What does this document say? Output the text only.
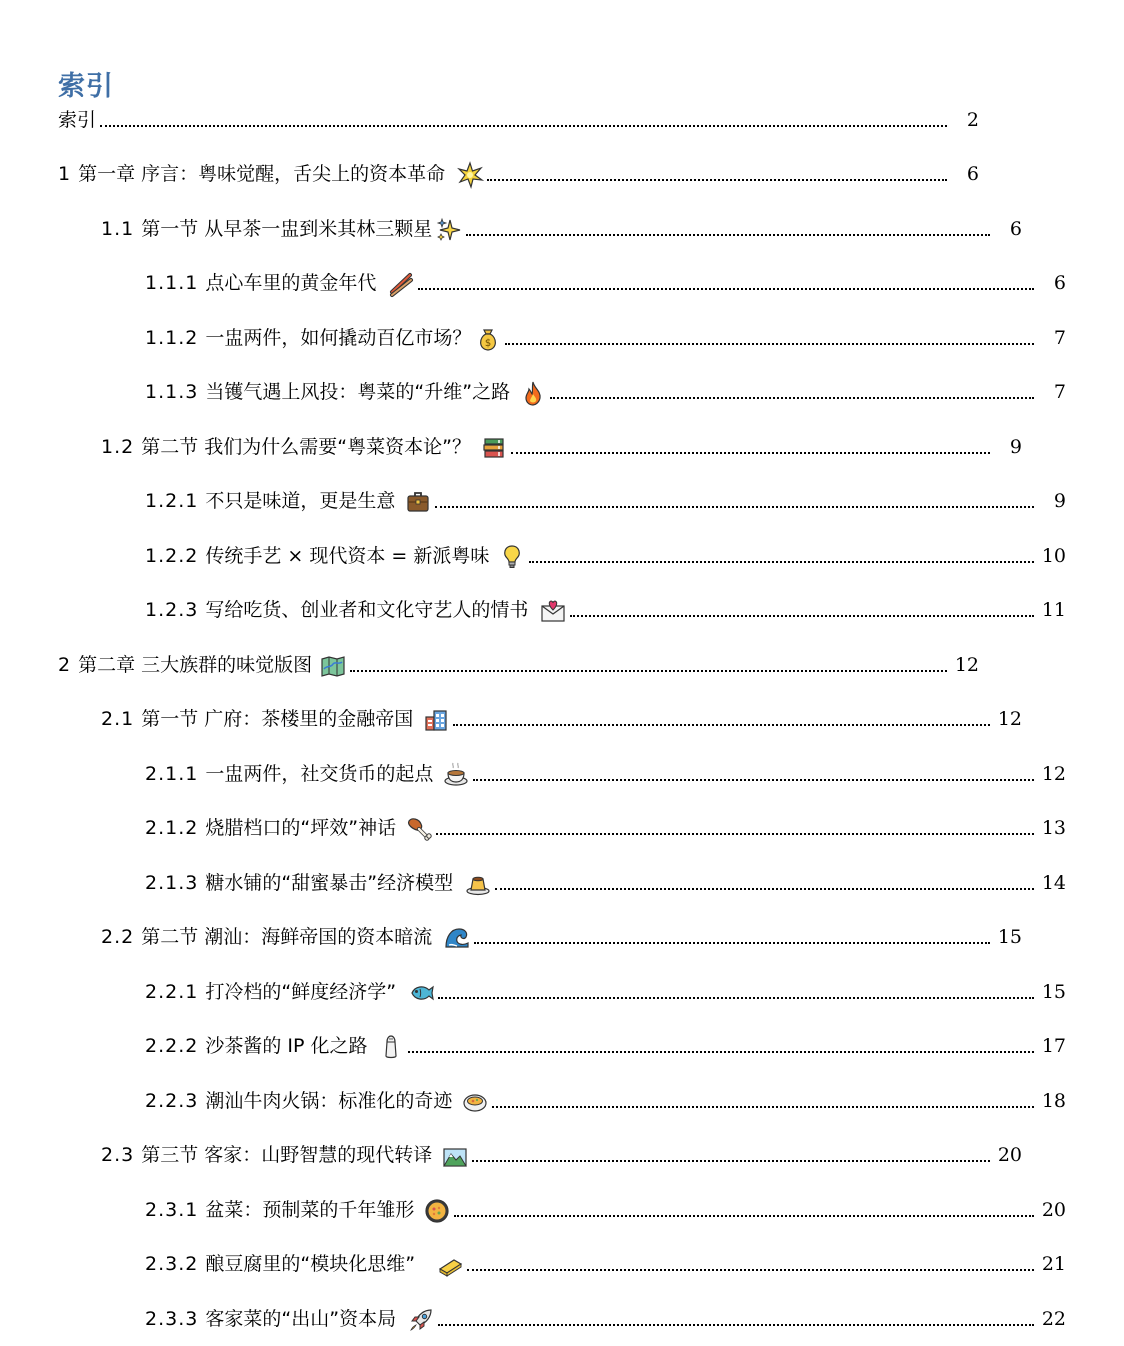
索引
索引	2
1 第一章 序言：粤味觉醒，舌尖上的资本革命	6
1.1 第一节 从早茶一盅到米其林三颗星	6
1.1.1 点心车里的黄金年代	6
1.1.2 一盅两件，如何撬动百亿市场？ $	7
1.1.3 当镬气遇上风投：粤菜的“升维”之路	7
1.2 第二节 我们为什么需要“粤菜资本论”？	9
1.2.1 不只是味道，更是生意	9
1.2.2 传统手艺 × 现代资本 = 新派粤味	10
1.2.3 写给吃货、创业者和文化守艺人的情书	11
2 第二章 三大族群的味觉版图	12
2.1 第一节 广府：茶楼里的金融帝国	12
2.1.1 一盅两件，社交货币的起点	12
2.1.2 烧腊档口的“坪效”神话	13
2.1.3 糖水铺的“甜蜜暴击”经济模型	14
2.2 第二节 潮汕：海鲜帝国的资本暗流	15
2.2.1 打冷档的“鲜度经济学”	15
2.2.2 沙茶酱的 IP 化之路	17
2.2.3 潮汕牛肉火锅：标准化的奇迹	18
2.3 第三节 客家：山野智慧的现代转译	20
2.3.1 盆菜：预制菜的千年雏形	20
2.3.2 酿豆腐里的“模块化思维”	21
2.3.3 客家菜的“出山”资本局	22
